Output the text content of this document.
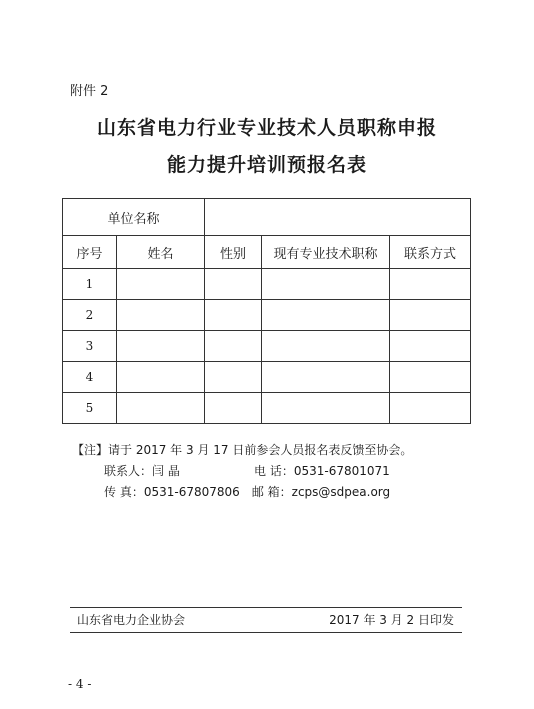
附件 2
山东省电力行业专业技术人员职称申报
能力提升培训预报名表
单位名称				
序号	姓名	性别	现有专业技术职称	联系方式
1				
2				
3				
4				
5				
【注】请于 2017 年 3 月 17 日前参会人员报名表反馈至协会。
联系人：闫 晶	电 话：0531-67801071
传 真：0531-67807806 邮 箱：zcps@sdpea.org
山东省电力企业协会	2017 年 3 月 2 日印发
- 4 -
